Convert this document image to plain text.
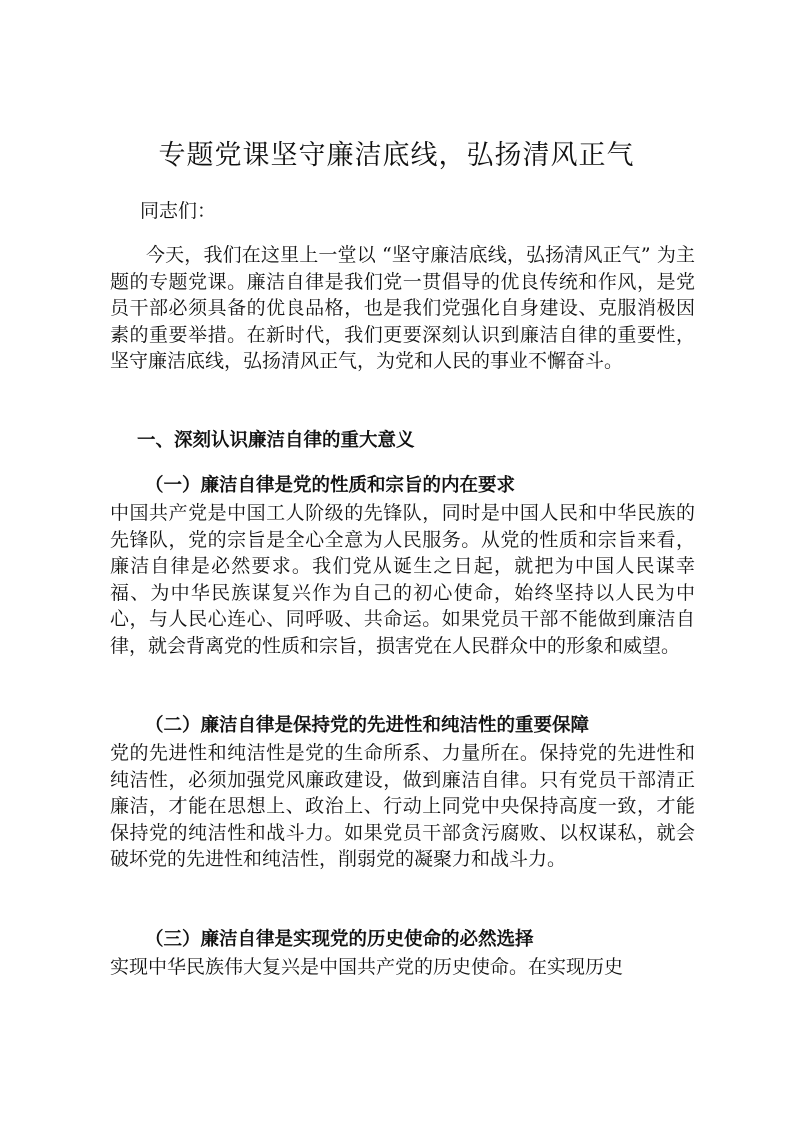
专题党课坚守廉洁底线，弘扬清风正气

同志们：

今天，我们在这里上一堂以 “坚守廉洁底线，弘扬清风正气” 为主题的专题党课。廉洁自律是我们党一贯倡导的优良传统和作风，是党员干部必须具备的优良品格，也是我们党强化自身建设、克服消极因素的重要举措。在新时代，我们更要深刻认识到廉洁自律的重要性，坚守廉洁底线，弘扬清风正气，为党和人民的事业不懈奋斗。

一、深刻认识廉洁自律的重大意义
（一）廉洁自律是党的性质和宗旨的内在要求

中国共产党是中国工人阶级的先锋队，同时是中国人民和中华民族的先锋队，党的宗旨是全心全意为人民服务。从党的性质和宗旨来看，廉洁自律是必然要求。我们党从诞生之日起，就把为中国人民谋幸福、为中华民族谋复兴作为自己的初心使命，始终坚持以人民为中心，与人民心连心、同呼吸、共命运。如果党员干部不能做到廉洁自律，就会背离党的性质和宗旨，损害党在人民群众中的形象和威望。

（二）廉洁自律是保持党的先进性和纯洁性的重要保障

党的先进性和纯洁性是党的生命所系、力量所在。保持党的先进性和纯洁性，必须加强党风廉政建设，做到廉洁自律。只有党员干部清正廉洁，才能在思想上、政治上、行动上同党中央保持高度一致，才能保持党的纯洁性和战斗力。如果党员干部贪污腐败、以权谋私，就会破坏党的先进性和纯洁性，削弱党的凝聚力和战斗力。

（三）廉洁自律是实现党的历史使命的必然选择

实现中华民族伟大复兴是中国共产党的历史使命。在实现历史
